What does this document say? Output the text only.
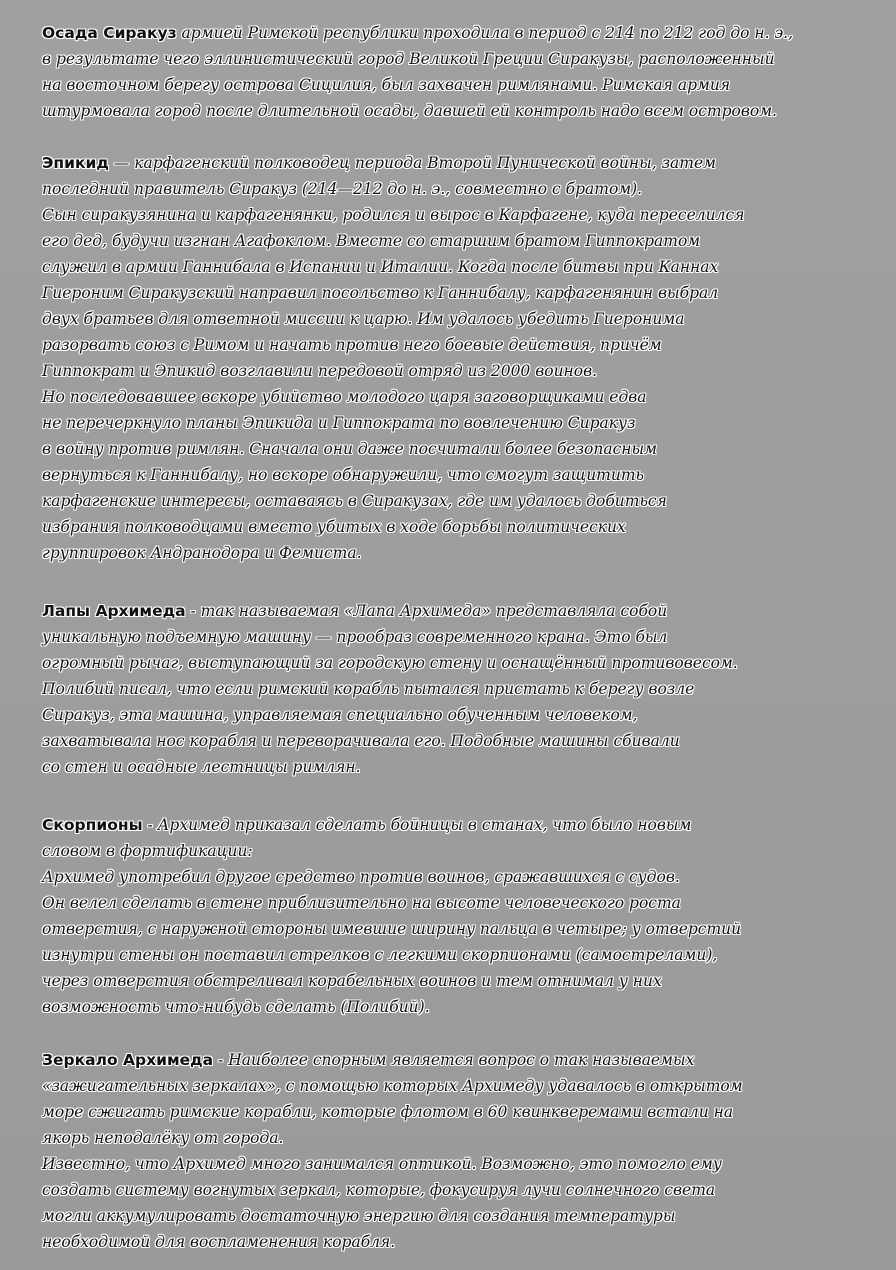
Осада Сиракуз армией Римской республики проходила в период с 214 по 212 год до н. э.,
в результате чего эллинистический город Великой Греции Сиракузы, расположенный
на восточном берегу острова Сицилия, был захвачен римлянами. Римская армия
штурмовала город после длительной осады, давшей ей контроль надо всем островом.
Эпикид — карфагенский полководец периода Второй Пунической войны, затем
последний правитель Сиракуз (214—212 до н. э., совместно с братом).
Сын сиракузянина и карфагенянки, родился и вырос в Карфагене, куда переселился
его дед, будучи изгнан Агафоклом. Вместе со старшим братом Гиппократом
служил в армии Ганнибала в Испании и Италии. Когда после битвы при Каннах
Гиероним Сиракузский направил посольство к Ганнибалу, карфагенянин выбрал
двух братьев для ответной миссии к царю. Им удалось убедить Гиеронима
разорвать союз с Римом и начать против него боевые действия, причём
Гиппократ и Эпикид возглавили передовой отряд из 2000 воинов.
Но последовавшее вскоре убийство молодого царя заговорщиками едва
не перечеркнуло планы Эпикида и Гиппократа по вовлечению Сиракуз
в войну против римлян. Сначала они даже посчитали более безопасным
вернуться к Ганнибалу, но вскоре обнаружили, что смогут защитить
карфагенские интересы, оставаясь в Сиракузах, где им удалось добиться
избрания полководцами вместо убитых в ходе борьбы политических
группировок Андранодора и Фемиста.
Лапы Архимеда - так называемая «Лапа Архимеда» представляла собой
уникальную подъемную машину — прообраз современного крана. Это был
огромный рычаг, выступающий за городскую стену и оснащённый противовесом.
Полибий писал, что если римский корабль пытался пристать к берегу возле
Сиракуз, эта машина, управляемая специально обученным человеком,
захватывала нос корабля и переворачивала его. Подобные машины сбивали
со стен и осадные лестницы римлян.
Скорпионы - Архимед приказал сделать бойницы в станах, что было новым
словом в фортификации:
Архимед употребил другое средство против воинов, сражавшихся с судов.
Он велел сделать в стене приблизительно на высоте человеческого роста
отверстия, с наружной стороны имевшие ширину пальца в четыре; у отверстий
изнутри стены он поставил стрелков с легкими скорпионами (самострелами),
через отверстия обстреливал корабельных воинов и тем отнимал у них
возможность что-нибудь сделать (Полибий).
Зеркало Архимеда - Наиболее спорным является вопрос о так называемых
«зажигательных зеркалах», с помощью которых Архимеду удавалось в открытом
море сжигать римские корабли, которые флотом в 60 квинкверемами встали на
якорь неподалёку от города.
Известно, что Архимед много занимался оптикой. Возможно, это помогло ему
создать систему вогнутых зеркал, которые, фокусируя лучи солнечного света
могли аккумулировать достаточную энергию для создания температуры
необходимой для воспламенения корабля.
